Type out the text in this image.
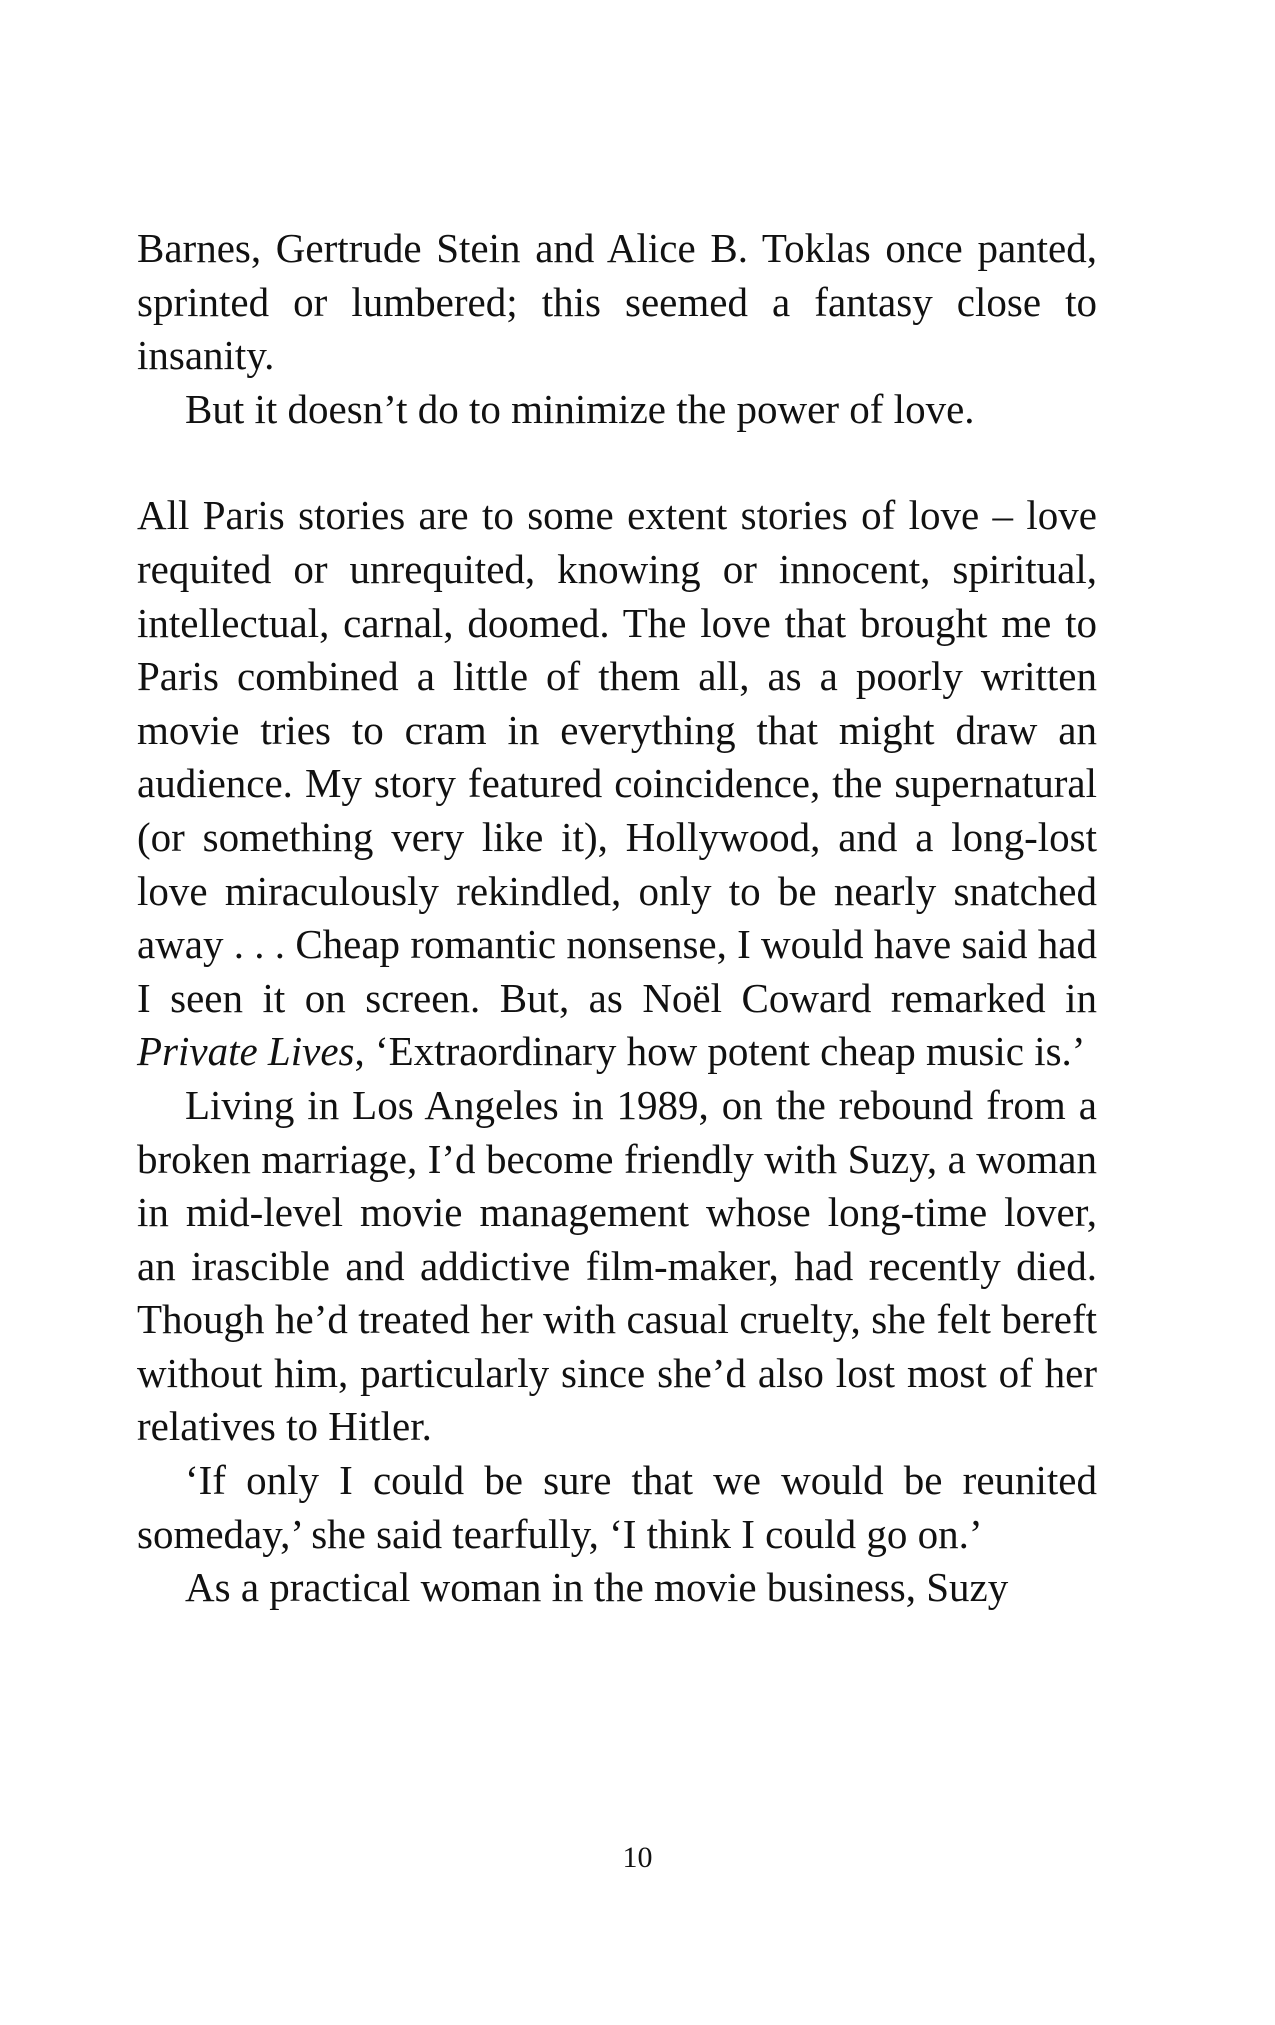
Barnes, Gertrude Stein and Alice B. Toklas once panted, sprinted or lumbered; this seemed a fantasy close to insanity.

But it doesn’t do to minimize the power of love.

All Paris stories are to some extent stories of love – love requited or unrequited, knowing or innocent, spiritual, intellectual, carnal, doomed. The love that brought me to Paris combined a little of them all, as a poorly written movie tries to cram in everything that might draw an audience. My story featured coincidence, the supernatural (or something very like it), Hollywood, and a long-lost love miraculously rekindled, only to be nearly snatched away . . . Cheap romantic nonsense, I would have said had I seen it on screen. But, as Noël Coward remarked in Private Lives, ‘Extraordinary how potent cheap music is.’

Living in Los Angeles in 1989, on the rebound from a broken marriage, I’d become friendly with Suzy, a woman in mid-level movie management whose long-time lover, an irascible and addictive film-maker, had recently died. Though he’d treated her with casual cruelty, she felt bereft without him, particularly since she’d also lost most of her relatives to Hitler.

‘If only I could be sure that we would be reunited someday,’ she said tearfully, ‘I think I could go on.’

As a practical woman in the movie business, Suzy

10
